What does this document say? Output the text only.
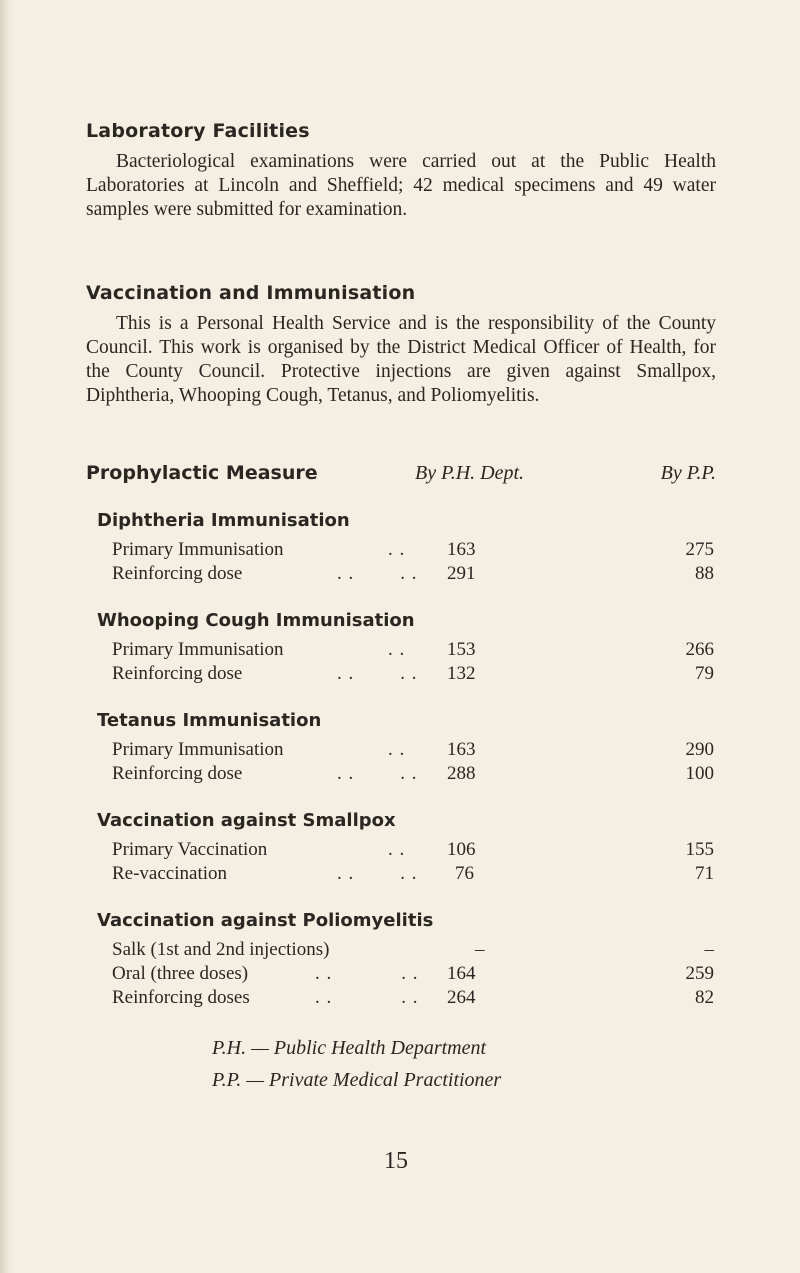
Laboratory Facilities

Bacteriological examinations were carried out at the Public Health Laboratories at Lincoln and Sheffield; 42 medical specimens and 49 water samples were submitted for examination.

Vaccination and Immunisation

This is a Personal Health Service and is the responsibility of the County Council. This work is organised by the District Medical Officer of Health, for the County Council. Protective injections are given against Smallpox, Diphtheria, Whooping Cough, Tetanus, and Poliomyelitis.

Prophylactic Measure	By P.H. Dept.	By P.P.
Diphtheria Immunisation
Primary Immunisation	. . 163	275
Reinforcing dose	. .        . . 291	88
Whooping Cough Immunisation
Primary Immunisation	. . 153	266
Reinforcing dose	. .        . . 132	79
Tetanus Immunisation
Primary Immunisation	. . 163	290
Reinforcing dose	. .        . . 288	100
Vaccination against Smallpox
Primary Vaccination	. . 106	155
Re-vaccination	. .        . . 76	71
Vaccination against Poliomyelitis
Salk (1st and 2nd injections)	–	–
Oral (three doses)	. .            . . 164	259
Reinforcing doses	. .            . . 264	82
P.H. — Public Health Department
P.P. — Private Medical Practitioner
15
